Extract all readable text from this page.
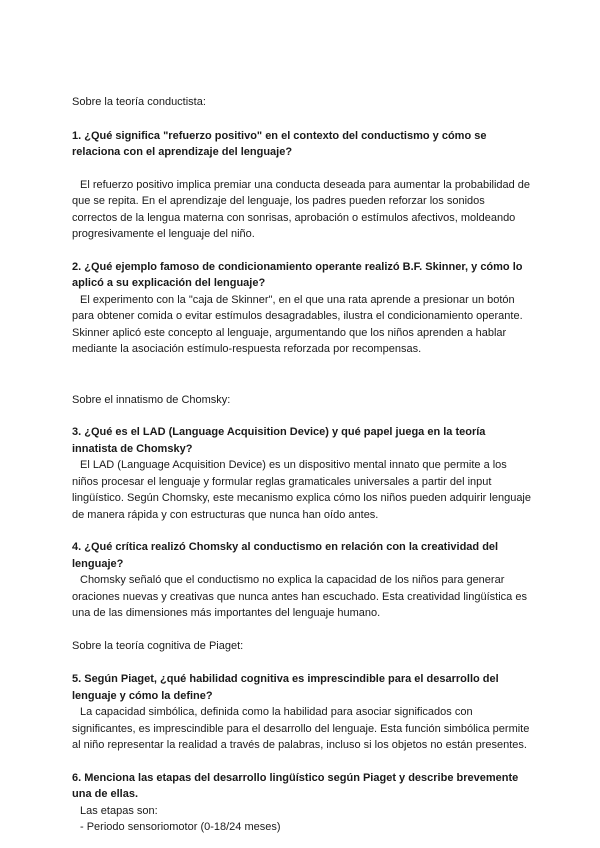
Sobre la teoría conductista:

1. ¿Qué significa "refuerzo positivo" en el contexto del conductismo y cómo se relaciona con el aprendizaje del lenguaje?

El refuerzo positivo implica premiar una conducta deseada para aumentar la probabilidad de que se repita. En el aprendizaje del lenguaje, los padres pueden reforzar los sonidos correctos de la lengua materna con sonrisas, aprobación o estímulos afectivos, moldeando progresivamente el lenguaje del niño.

2. ¿Qué ejemplo famoso de condicionamiento operante realizó B.F. Skinner, y cómo lo aplicó a su explicación del lenguaje?

El experimento con la "caja de Skinner", en el que una rata aprende a presionar un botón para obtener comida o evitar estímulos desagradables, ilustra el condicionamiento operante. Skinner aplicó este concepto al lenguaje, argumentando que los niños aprenden a hablar mediante la asociación estímulo-respuesta reforzada por recompensas.

Sobre el innatismo de Chomsky:

3. ¿Qué es el LAD (Language Acquisition Device) y qué papel juega en la teoría innatista de Chomsky?

El LAD (Language Acquisition Device) es un dispositivo mental innato que permite a los niños procesar el lenguaje y formular reglas gramaticales universales a partir del input lingüístico. Según Chomsky, este mecanismo explica cómo los niños pueden adquirir lenguaje de manera rápida y con estructuras que nunca han oído antes.

4. ¿Qué crítica realizó Chomsky al conductismo en relación con la creatividad del lenguaje?

Chomsky señaló que el conductismo no explica la capacidad de los niños para generar oraciones nuevas y creativas que nunca antes han escuchado. Esta creatividad lingüística es una de las dimensiones más importantes del lenguaje humano.

Sobre la teoría cognitiva de Piaget:

5. Según Piaget, ¿qué habilidad cognitiva es imprescindible para el desarrollo del lenguaje y cómo la define?

La capacidad simbólica, definida como la habilidad para asociar significados con significantes, es imprescindible para el desarrollo del lenguaje. Esta función simbólica permite al niño representar la realidad a través de palabras, incluso si los objetos no están presentes.

6. Menciona las etapas del desarrollo lingüístico según Piaget y describe brevemente una de ellas.

Las etapas son:

- Periodo sensoriomotor (0-18/24 meses)
